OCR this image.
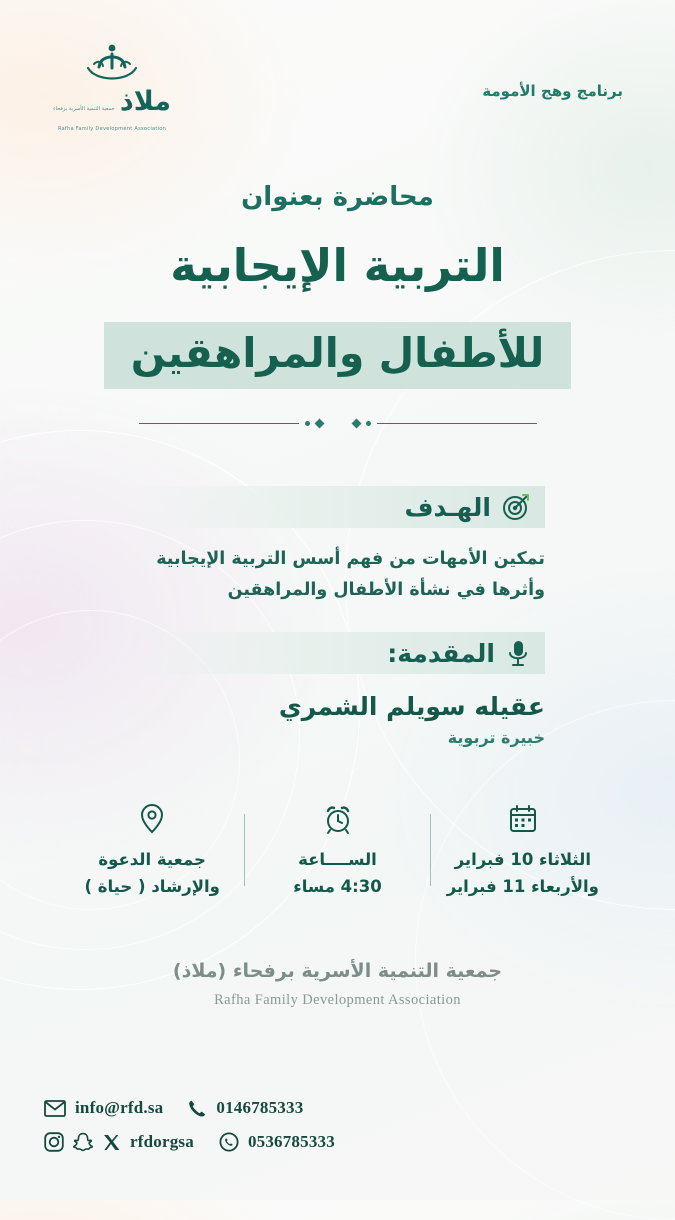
برنامج وهج الأمومة
ملاذ جمعية التنمية الأسرية برفحاء Rafha Family Development Association
محاضرة بعنوان
التربية الإيجابية
للأطفال والمراهقين
الهـدف
تمكين الأمهات من فهم أسس التربية الإيجابية وأثرها في نشأة الأطفال والمراهقين
المقدمة:
عقيله سويلم الشمري
خبيرة تربوية
الثلاثاء 10 فبراير
والأربعاء 11 فبراير
الســــاعة
4:30 مساء
جمعية الدعوة
والإرشاد ( حياة )
جمعية التنمية الأسرية برفحاء (ملاذ)
Rafha Family Development Association
info@rfd.sa	0146785333
rfdorgsa	0536785333
